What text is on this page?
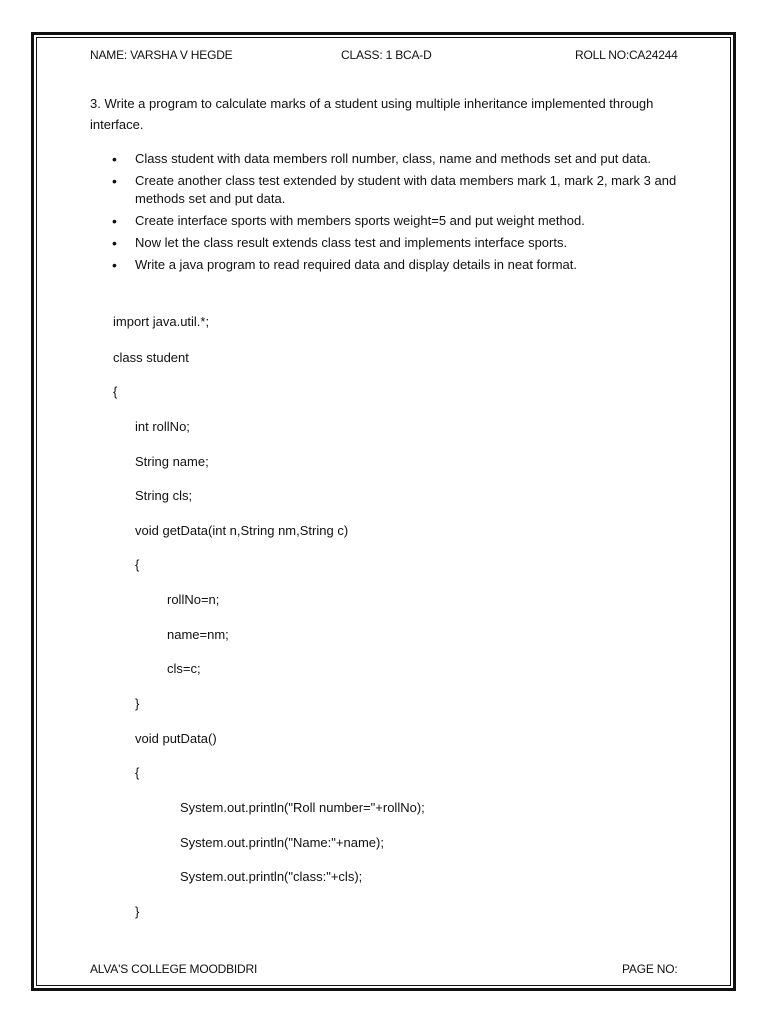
NAME: VARSHA V HEGDE	CLASS: 1 BCA-D	ROLL NO:CA24244
3. Write a program to calculate marks of a student using multiple inheritance implemented through interface.
• Class student with data members roll number, class, name and methods set and put data.
• Create another class test extended by student with data members mark 1, mark 2, mark 3 and methods set and put data.
• Create interface sports with members sports weight=5 and put weight method.
• Now let the class result extends class test and implements interface sports.
• Write a java program to read required data and display details in neat format.
import java.util.*;
class student
{
int rollNo;
String name;
String cls;
void getData(int n,String nm,String c)
{
rollNo=n;
name=nm;
cls=c;
}
void putData()
{
System.out.println("Roll number="+rollNo);
System.out.println("Name:"+name);
System.out.println("class:"+cls);
}
ALVA'S COLLEGE MOODBIDRI	PAGE NO:
